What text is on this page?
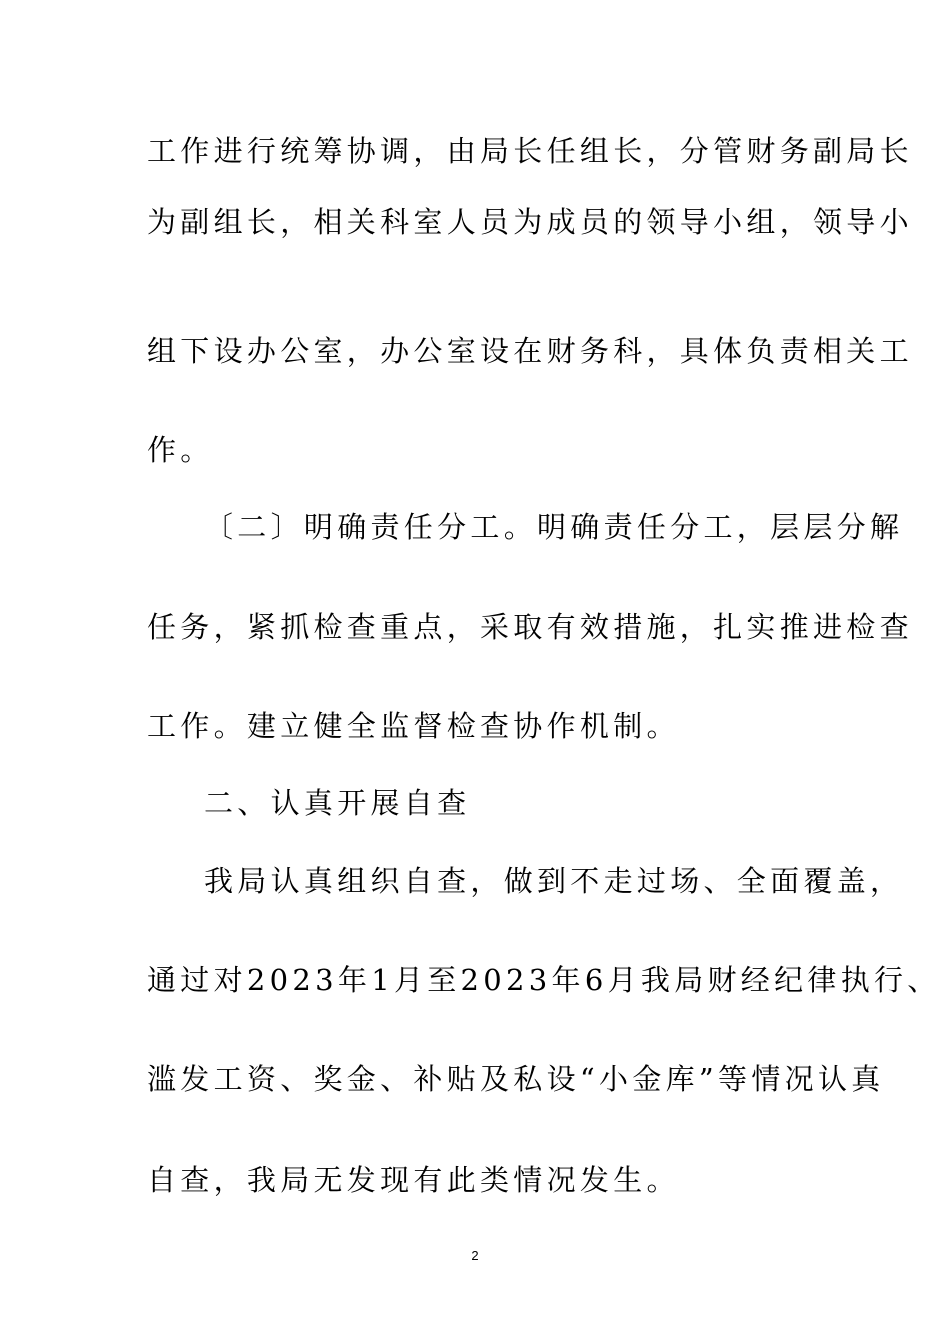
工作进行统筹协调，由局长任组长，分管财务副局长
为副组长，相关科室人员为成员的领导小组，领导小
组下设办公室，办公室设在财务科，具体负责相关工
作。
〔二〕明确责任分工。明确责任分工，层层分解
任务，紧抓检查重点，采取有效措施，扎实推进检查
工作。建立健全监督检查协作机制。
二、认真开展自查
我局认真组织自查，做到不走过场、全面覆盖，
通过对2023年1月至2023年6月我局财经纪律执行、
滥发工资、奖金、补贴及私设“小金库”等情况认真
自查，我局无发现有此类情况发生。
2
